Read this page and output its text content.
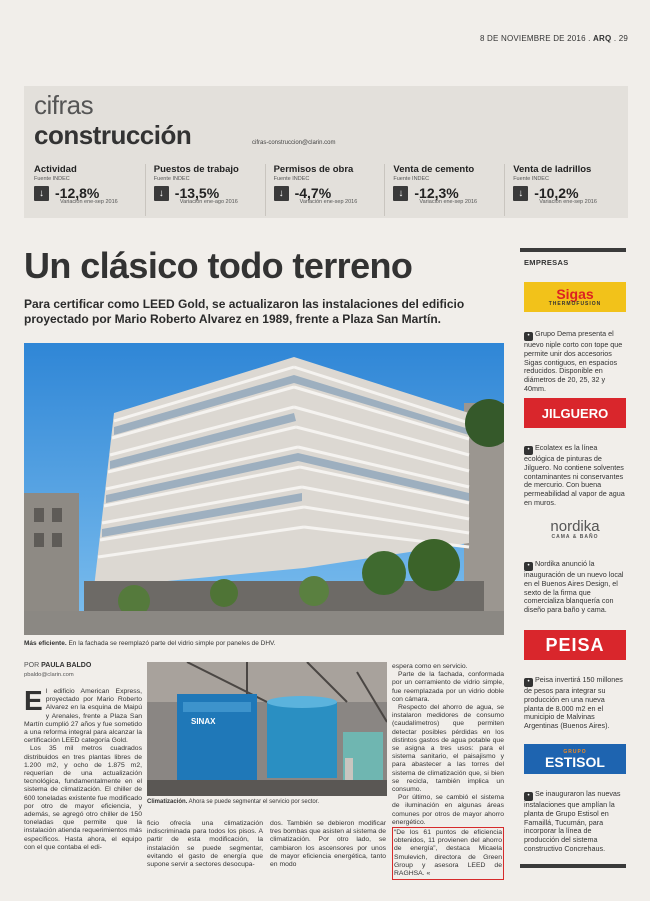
8 DE NOVIEMBRE DE 2016 . ARQ . 29
cifras
construcción	cifras-construccion@clarin.com
Actividad
Fuente INDEC
↓ -12,8%
Variación ene-sep 2016
Puestos de trabajo
Fuente INDEC
↓ -13,5%
Variación ene-ago 2016
Permisos de obra
Fuente INDEC
↓ -4,7%
Variación ene-sep 2016
Venta de cemento
Fuente INDEC
↓ -12,3%
Variación ene-sep 2016
Venta de ladrillos
Fuente INDEC
↓ -10,2%
Variación ene-sep 2016
Un clásico todo terreno
Para certificar como LEED Gold, se actualizaron las instalaciones del edificio proyectado por Mario Roberto Alvarez en 1989, frente a Plaza San Martín.
Más eficiente. En la fachada se reemplazó parte del vidrio simple por paneles de DHV.
POR PAULA BALDO
pbaldo@clarin.com

El edificio American Express, proyectado por Mario Roberto Alvarez en la esquina de Maipú y Arenales, frente a Plaza San Martín cumplió 27 años y fue sometido a una reforma integral para alcanzar la certificación LEED categoría Gold.

Los 35 mil metros cuadrados distribuidos en tres plantas libres de 1.200 m2, y ocho de 1.875 m2, requerían de una actualización tecnológica, fundamentalmente en el sistema de climatización. El chiller de 600 toneladas existente fue modificado por otro de mayor eficiencia, y además, se agregó otro chiller de 150 toneladas que permite que la instalación atienda requerimientos más específicos. Hasta ahora, el equipo con el que contaba el edi-

SINAX
Climatización. Ahora se puede segmentar el servicio por sector.

ficio ofrecía una climatización indiscriminada para todos los pisos. A partir de esta modificación, la instalación se puede segmentar, evitando el gasto de energía que supone servir a sectores desocupa-

dos. También se debieron modificar tres bombas que asisten al sistema de climatización. Por otro lado, se cambiaron los ascensores por unos de mayor eficiencia energética, tanto en modo

espera como en servicio.

Parte de la fachada, conformada por un cerramiento de vidrio simple, fue reemplazada por un vidrio doble con cámara.

Respecto del ahorro de agua, se instalaron medidores de consumo (caudalímetros) que permiten detectar posibles pérdidas en los distintos gastos de agua potable que se asigna a tres usos: para el sistema sanitario, el paisajismo y para abastecer a las torres del sistema de climatización que, si bien se recicla, también implica un consumo.

Por último, se cambió el sistema de iluminación en algunas áreas comunes por otros de mayor ahorro energético.

“De los 61 puntos de eficiencia obtenidos, 11 provienen del ahorro de energía”, destaca Micaela Smulevich, directora de Green Group y asesora LEED de RAGHSA. «

EMPRESAS
Sigas
THERMOFUSION
• Grupo Dema presenta el nuevo niple corto con tope que permite unir dos accesorios Sigas contiguos, en espacios reducidos. Disponible en diámetros de 20, 25, 32 y 40mm.
JILGUERO
• Ecolatex es la línea ecológica de pinturas de Jilguero. No contiene solventes contaminantes ni conservantes de mercurio. Con buena permeabilidad al vapor de agua en muros.
nordika
CAMA & BAÑO
• Nordika anunció la inauguración de un nuevo local en el Buenos Aires Design, el sexto de la firma que comercializa blanquería con diseño para baño y cama.
PEISA
• Peisa invertirá 150 millones de pesos para integrar su producción en una nueva planta de 8.000 m2 en el municipio de Malvinas Argentinas (Buenos Aires).
GRUPO
ESTISOL
• Se inauguraron las nuevas instalaciones que amplían la planta de Grupo Estisol en Famaillá, Tucumán, para incorporar la línea de producción del sistema constructivo Concrehaus.
